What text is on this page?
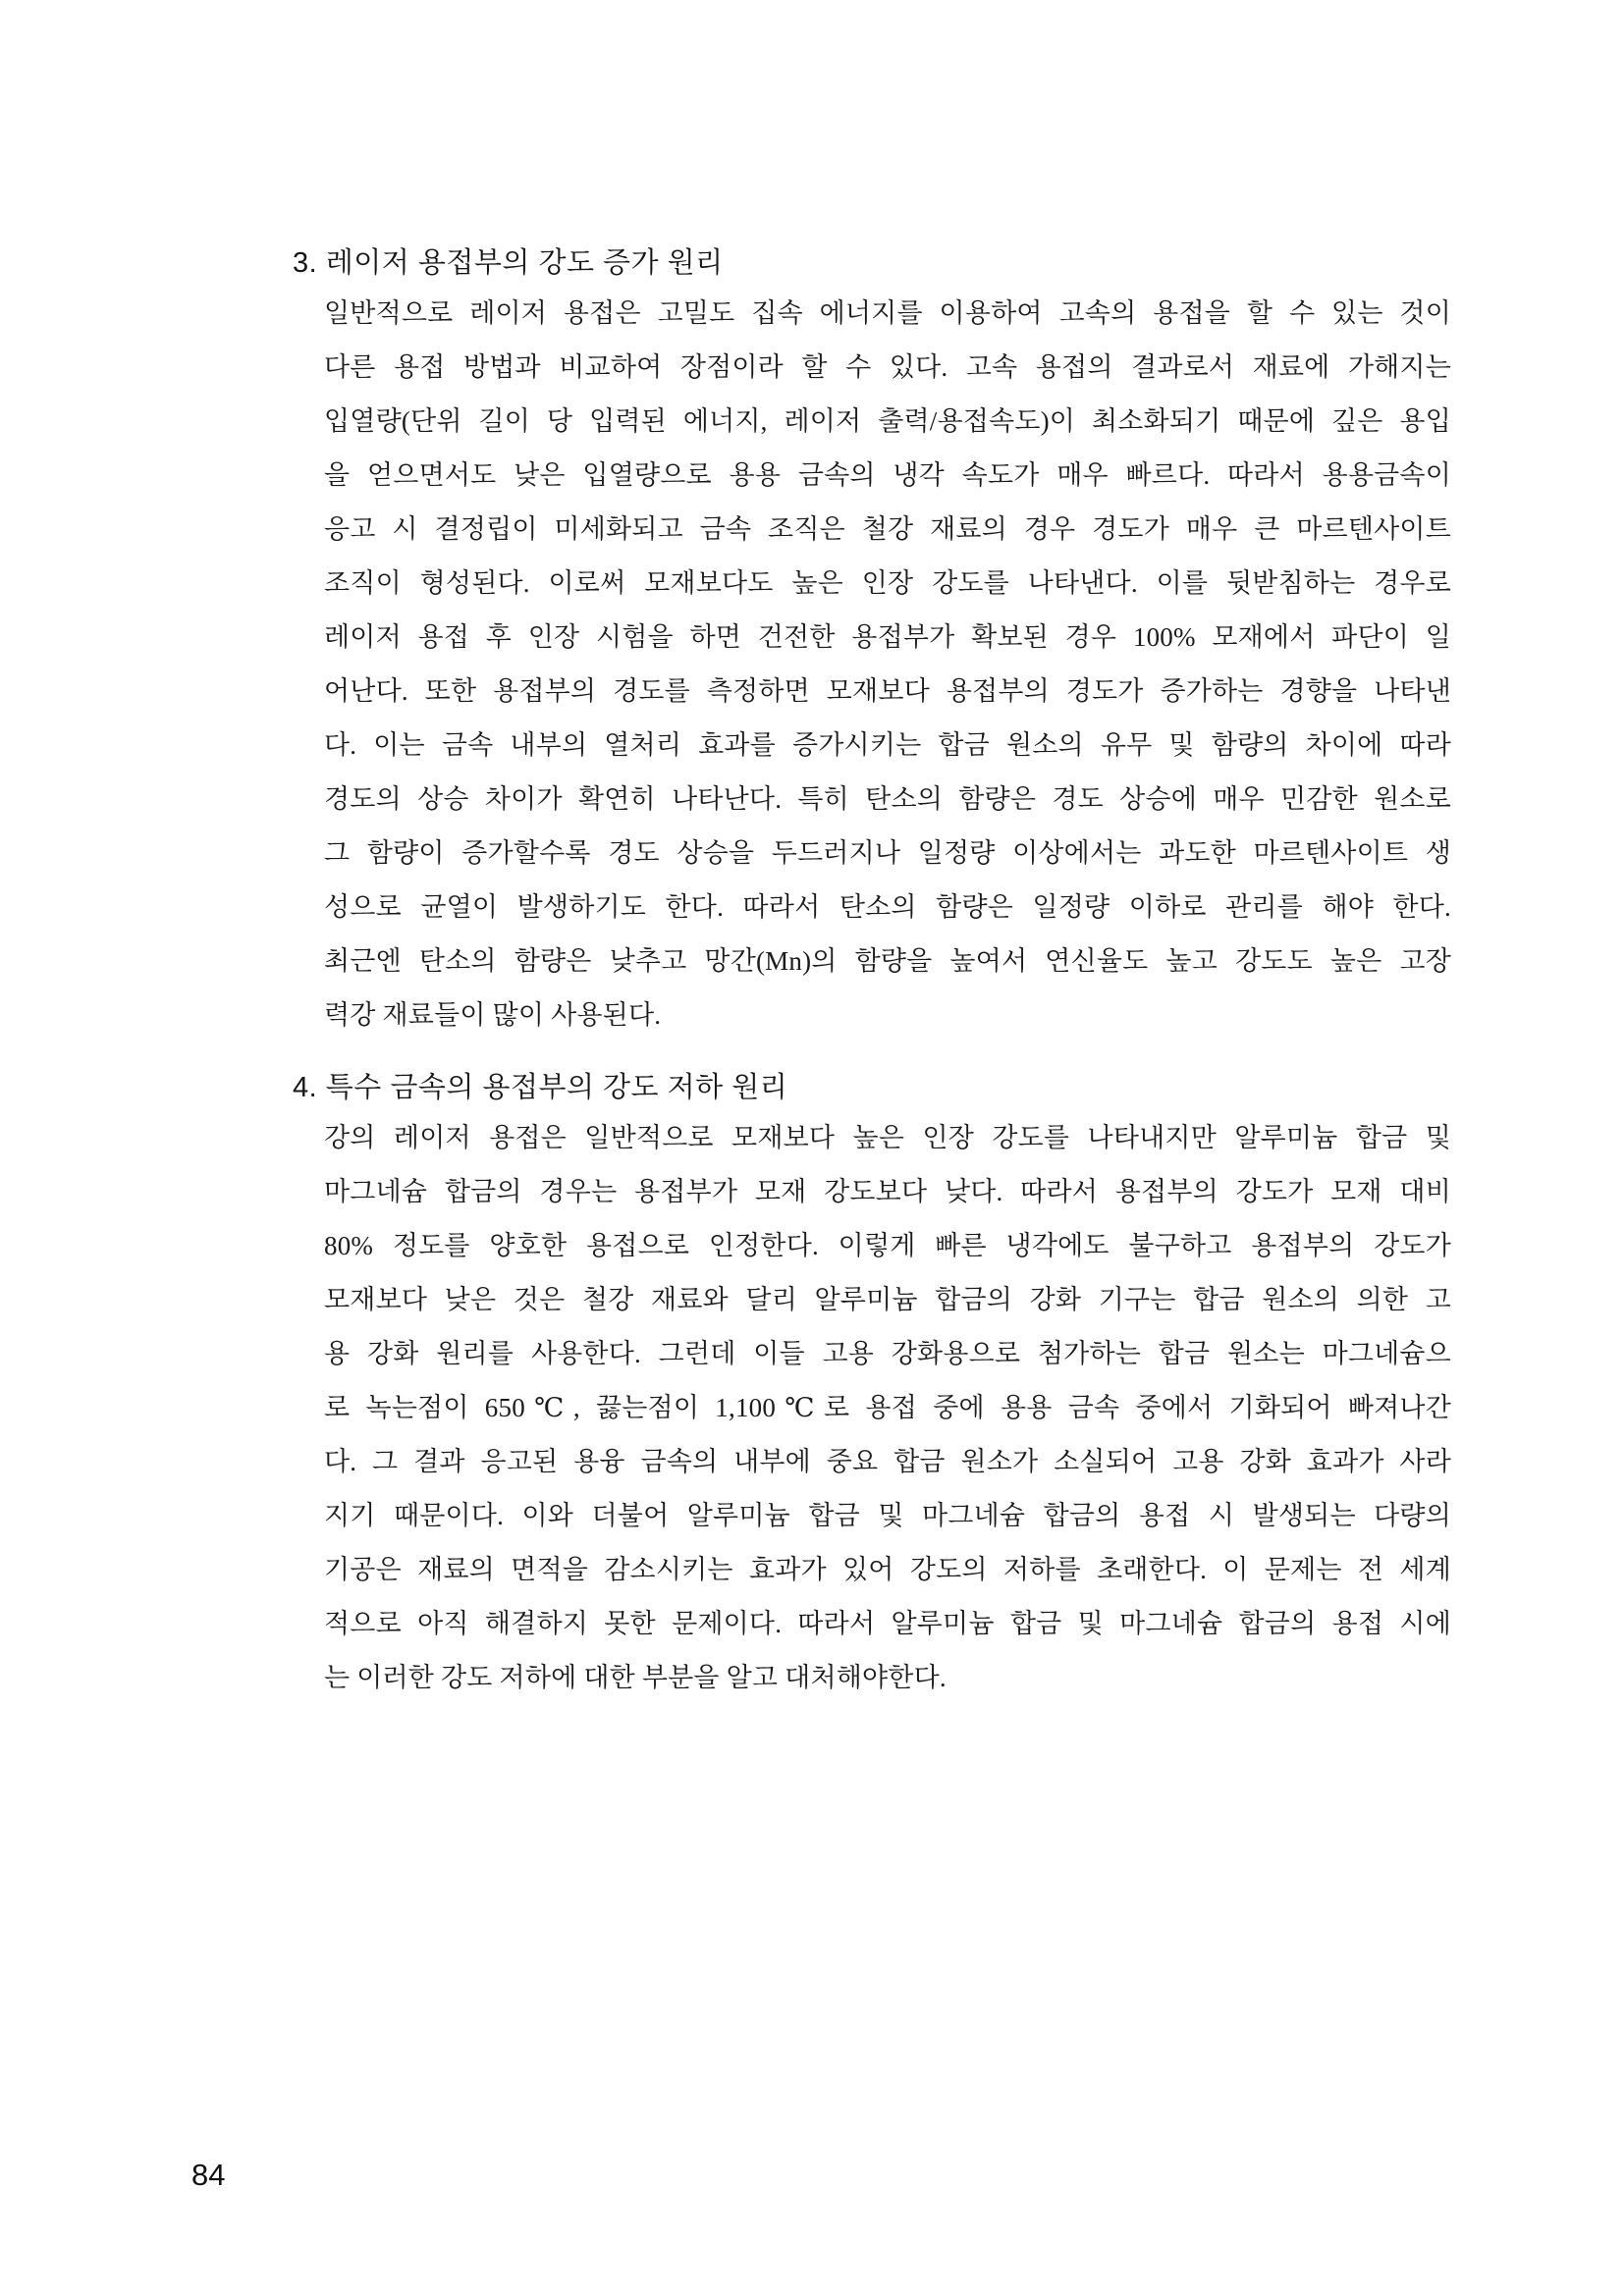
3. 레이저 용접부의 강도 증가 원리
일반적으로 레이저 용접은 고밀도 집속 에너지를 이용하여 고속의 용접을 할 수 있는 것이
다른 용접 방법과 비교하여 장점이라 할 수 있다. 고속 용접의 결과로서 재료에 가해지는
입열량(단위 길이 당 입력된 에너지, 레이저 출력/용접속도)이 최소화되기 때문에 깊은 용입
을 얻으면서도 낮은 입열량으로 용용 금속의 냉각 속도가 매우 빠르다. 따라서 용용금속이
응고 시 결정립이 미세화되고 금속 조직은 철강 재료의 경우 경도가 매우 큰 마르텐사이트
조직이 형성된다. 이로써 모재보다도 높은 인장 강도를 나타낸다. 이를 뒷받침하는 경우로
레이저 용접 후 인장 시험을 하면 건전한 용접부가 확보된 경우 100% 모재에서 파단이 일
어난다. 또한 용접부의 경도를 측정하면 모재보다 용접부의 경도가 증가하는 경향을 나타낸
다. 이는 금속 내부의 열처리 효과를 증가시키는 합금 원소의 유무 및 함량의 차이에 따라
경도의 상승 차이가 확연히 나타난다. 특히 탄소의 함량은 경도 상승에 매우 민감한 원소로
그 함량이 증가할수록 경도 상승을 두드러지나 일정량 이상에서는 과도한 마르텐사이트 생
성으로 균열이 발생하기도 한다. 따라서 탄소의 함량은 일정량 이하로 관리를 해야 한다.
최근엔 탄소의 함량은 낮추고 망간(Mn)의 함량을 높여서 연신율도 높고 강도도 높은 고장
력강 재료들이 많이 사용된다.
4. 특수 금속의 용접부의 강도 저하 원리
강의 레이저 용접은 일반적으로 모재보다 높은 인장 강도를 나타내지만 알루미늄 합금 및
마그네슘 합금의 경우는 용접부가 모재 강도보다 낮다. 따라서 용접부의 강도가 모재 대비
80% 정도를 양호한 용접으로 인정한다. 이렇게 빠른 냉각에도 불구하고 용접부의 강도가
모재보다 낮은 것은 철강 재료와 달리 알루미늄 합금의 강화 기구는 합금 원소의 의한 고
용 강화 원리를 사용한다. 그런데 이들 고용 강화용으로 첨가하는 합금 원소는 마그네슘으
로 녹는점이 650℃, 끓는점이 1,100℃로 용접 중에 용용 금속 중에서 기화되어 빠져나간
다. 그 결과 응고된 용융 금속의 내부에 중요 합금 원소가 소실되어 고용 강화 효과가 사라
지기 때문이다. 이와 더불어 알루미늄 합금 및 마그네슘 합금의 용접 시 발생되는 다량의
기공은 재료의 면적을 감소시키는 효과가 있어 강도의 저하를 초래한다. 이 문제는 전 세계
적으로 아직 해결하지 못한 문제이다. 따라서 알루미늄 합금 및 마그네슘 합금의 용접 시에
는 이러한 강도 저하에 대한 부분을 알고 대처해야한다.
84
